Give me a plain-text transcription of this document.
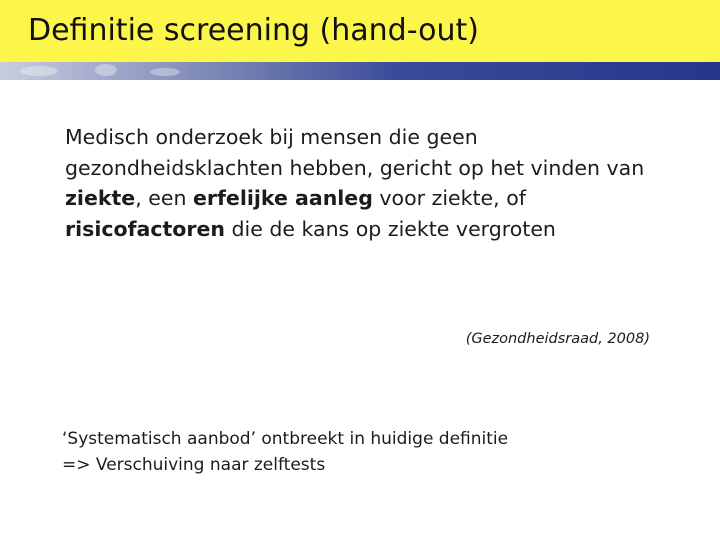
Definitie screening (hand-out)
Medisch onderzoek bij mensen die geen gezondheidsklachten hebben, gericht op het vinden van ziekte, een erfelijke aanleg voor ziekte, of risicofactoren die de kans op ziekte vergroten
(Gezondheidsraad, 2008)
‘Systematisch aanbod’ ontbreekt in huidige definitie
=> Verschuiving naar zelftests
